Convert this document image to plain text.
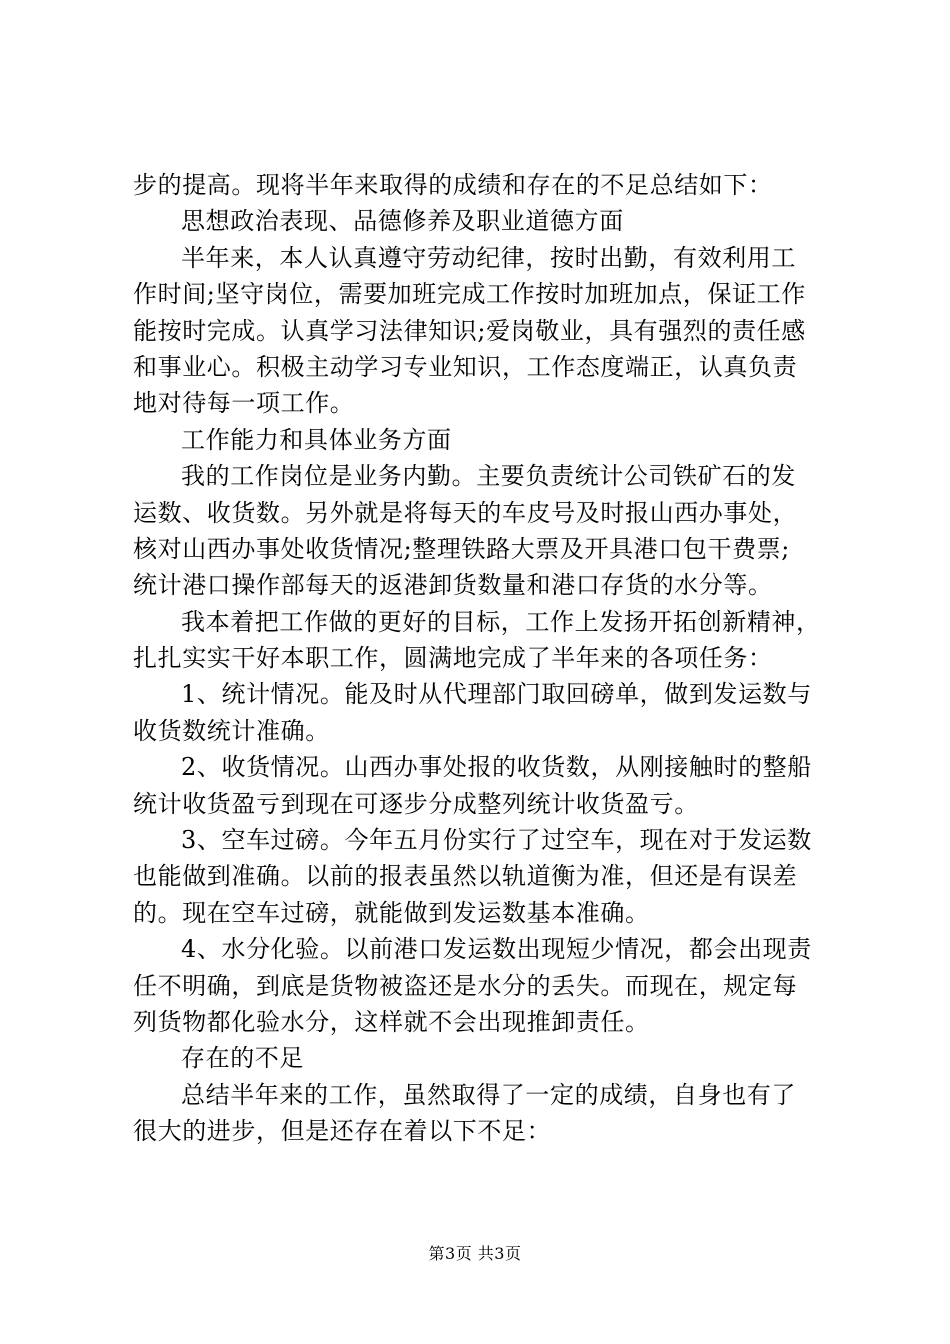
步的提高。现将半年来取得的成绩和存在的不足总结如下：

思想政治表现、品德修养及职业道德方面

半年来，本人认真遵守劳动纪律，按时出勤，有效利用工

作时间;坚守岗位，需要加班完成工作按时加班加点，保证工作

能按时完成。认真学习法律知识;爱岗敬业，具有强烈的责任感

和事业心。积极主动学习专业知识，工作态度端正，认真负责

地对待每一项工作。

工作能力和具体业务方面

我的工作岗位是业务内勤。主要负责统计公司铁矿石的发

运数、收货数。另外就是将每天的车皮号及时报山西办事处，

核对山西办事处收货情况;整理铁路大票及开具港口包干费票;

统计港口操作部每天的返港卸货数量和港口存货的水分等。

我本着把工作做的更好的目标，工作上发扬开拓创新精神，

扎扎实实干好本职工作，圆满地完成了半年来的各项任务：

1、统计情况。能及时从代理部门取回磅单，做到发运数与

收货数统计准确。

2、收货情况。山西办事处报的收货数，从刚接触时的整船

统计收货盈亏到现在可逐步分成整列统计收货盈亏。

3、空车过磅。今年五月份实行了过空车，现在对于发运数

也能做到准确。以前的报表虽然以轨道衡为准，但还是有误差

的。现在空车过磅，就能做到发运数基本准确。

4、水分化验。以前港口发运数出现短少情况，都会出现责

任不明确，到底是货物被盗还是水分的丢失。而现在，规定每

列货物都化验水分，这样就不会出现推卸责任。

存在的不足

总结半年来的工作，虽然取得了一定的成绩，自身也有了

很大的进步，但是还存在着以下不足：

第3页 共3页
